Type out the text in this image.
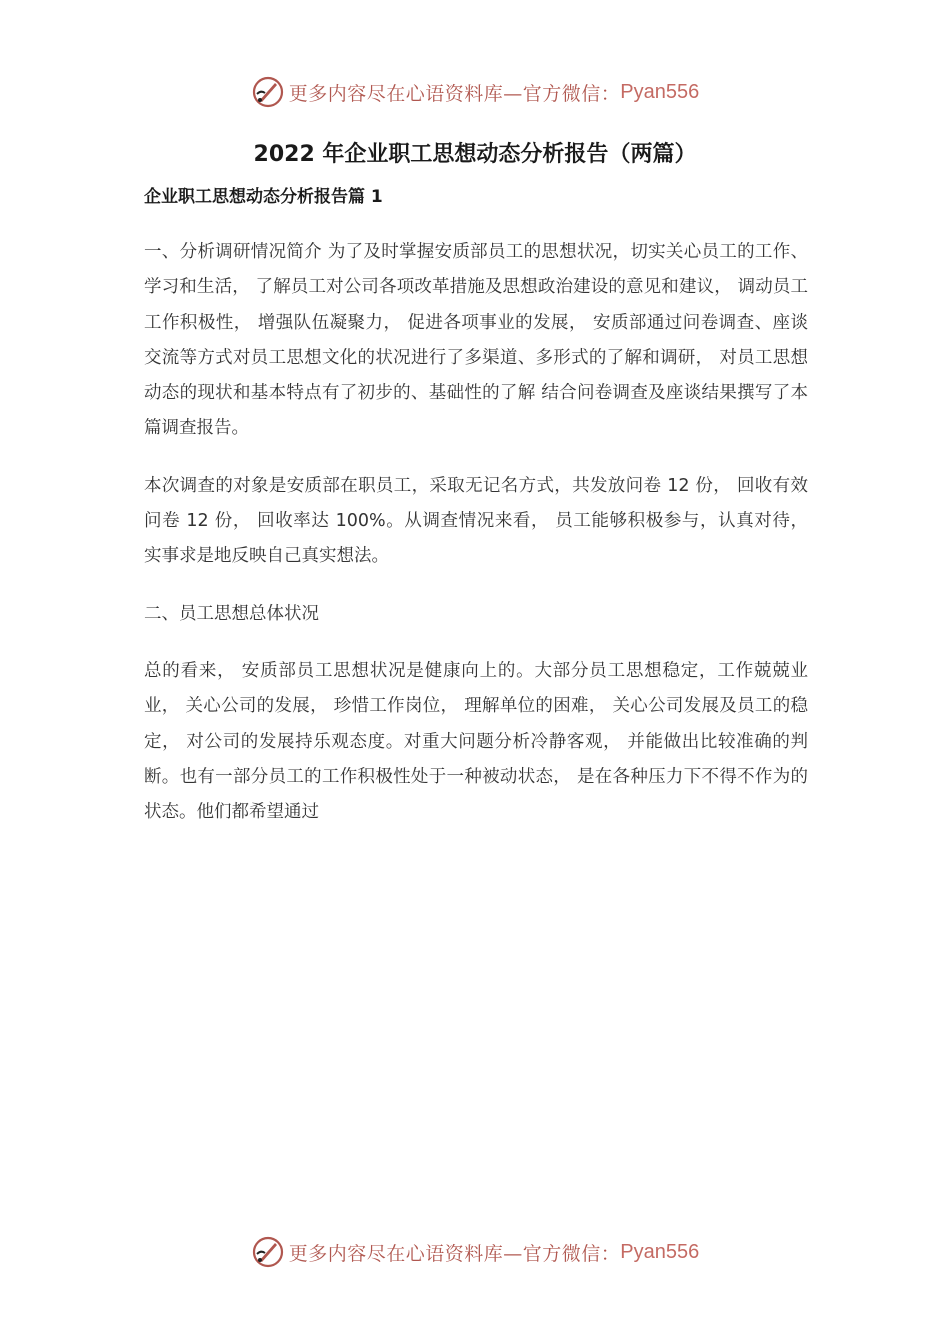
更多内容尽在心语资料库—官方微信： Pyan556
2022 年企业职工思想动态分析报告（两篇）
企业职工思想动态分析报告篇 1

一、分析调研情况简介 为了及时掌握安质部员工的思想状况，切实关心员工的工作、学习和生活， 了解员工对公司各项改革措施及思想政治建设的意见和建议， 调动员工工作积极性， 增强队伍凝聚力， 促进各项事业的发展， 安质部通过问卷调查、座谈交流等方式对员工思想文化的状况进行了多渠道、多形式的了解和调研， 对员工思想动态的现状和基本特点有了初步的、基础性的了解 结合问卷调查及座谈结果撰写了本篇调查报告。

本次调查的对象是安质部在职员工，采取无记名方式，共发放问卷 12 份， 回收有效问卷 12 份， 回收率达 100%。从调查情况来看， 员工能够积极参与，认真对待， 实事求是地反映自己真实想法。

二、员工思想总体状况

总的看来， 安质部员工思想状况是健康向上的。大部分员工思想稳定，工作兢兢业业， 关心公司的发展， 珍惜工作岗位， 理解单位的困难， 关心公司发展及员工的稳定， 对公司的发展持乐观态度。对重大问题分析冷静客观， 并能做出比较准确的判断。也有一部分员工的工作积极性处于一种被动状态， 是在各种压力下不得不作为的状态。他们都希望通过

更多内容尽在心语资料库—官方微信： Pyan556
